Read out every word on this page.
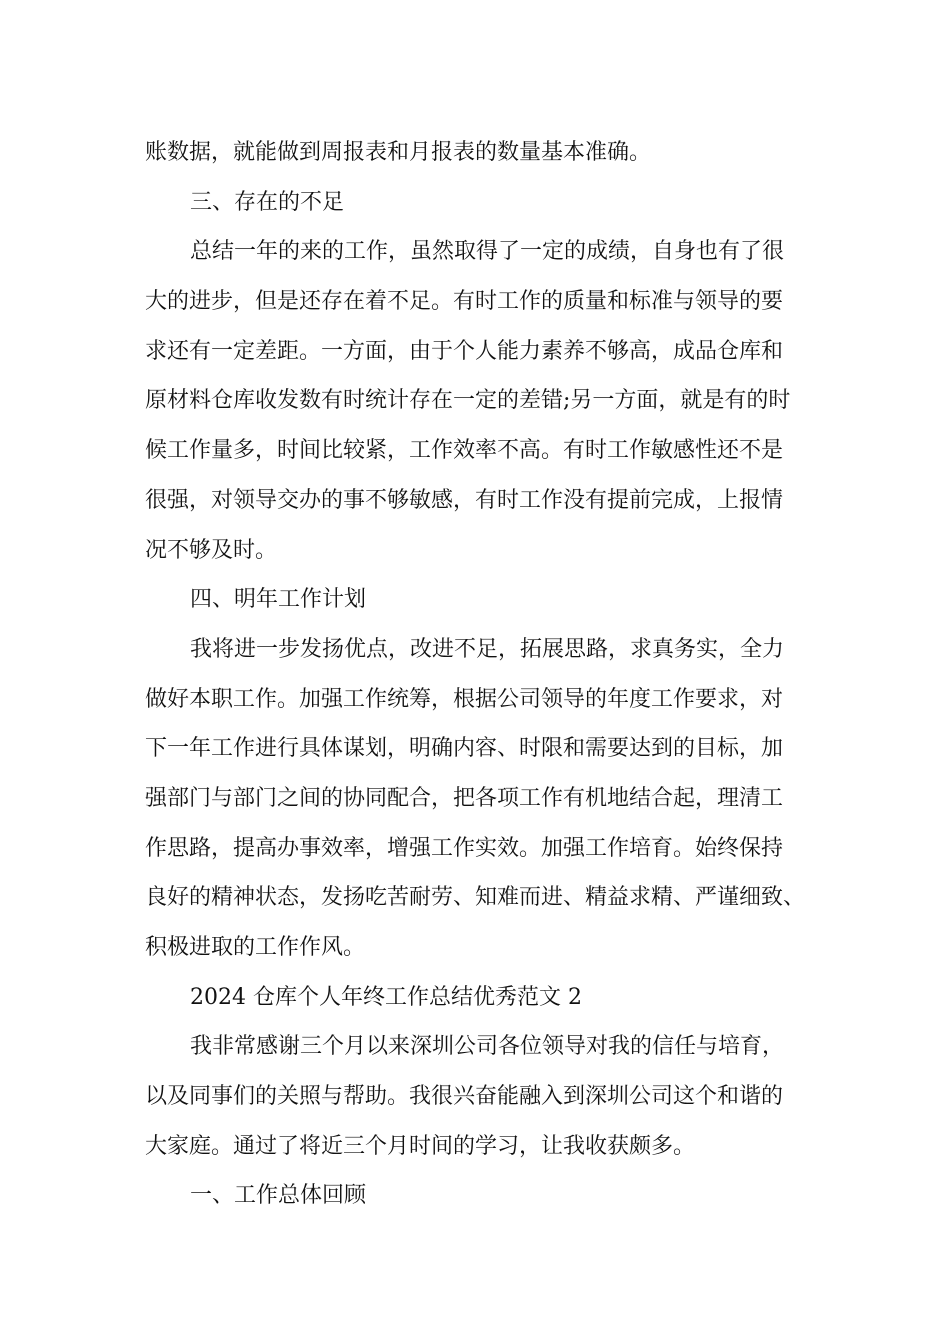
账数据，就能做到周报表和月报表的数量基本准确。
三、存在的不足
总结一年的来的工作，虽然取得了一定的成绩，自身也有了很
大的进步，但是还存在着不足。有时工作的质量和标准与领导的要
求还有一定差距。一方面，由于个人能力素养不够高，成品仓库和
原材料仓库收发数有时统计存在一定的差错;另一方面，就是有的时
候工作量多，时间比较紧，工作效率不高。有时工作敏感性还不是
很强，对领导交办的事不够敏感，有时工作没有提前完成，上报情
况不够及时。
四、明年工作计划
我将进一步发扬优点，改进不足，拓展思路，求真务实，全力
做好本职工作。加强工作统筹，根据公司领导的年度工作要求，对
下一年工作进行具体谋划，明确内容、时限和需要达到的目标，加
强部门与部门之间的协同配合，把各项工作有机地结合起，理清工
作思路，提高办事效率，增强工作实效。加强工作培育。始终保持
良好的精神状态，发扬吃苦耐劳、知难而进、精益求精、严谨细致、
积极进取的工作作风。
2024 仓库个人年终工作总结优秀范文 2
我非常感谢三个月以来深圳公司各位领导对我的信任与培育，
以及同事们的关照与帮助。我很兴奋能融入到深圳公司这个和谐的
大家庭。通过了将近三个月时间的学习，让我收获颇多。
一、工作总体回顾
